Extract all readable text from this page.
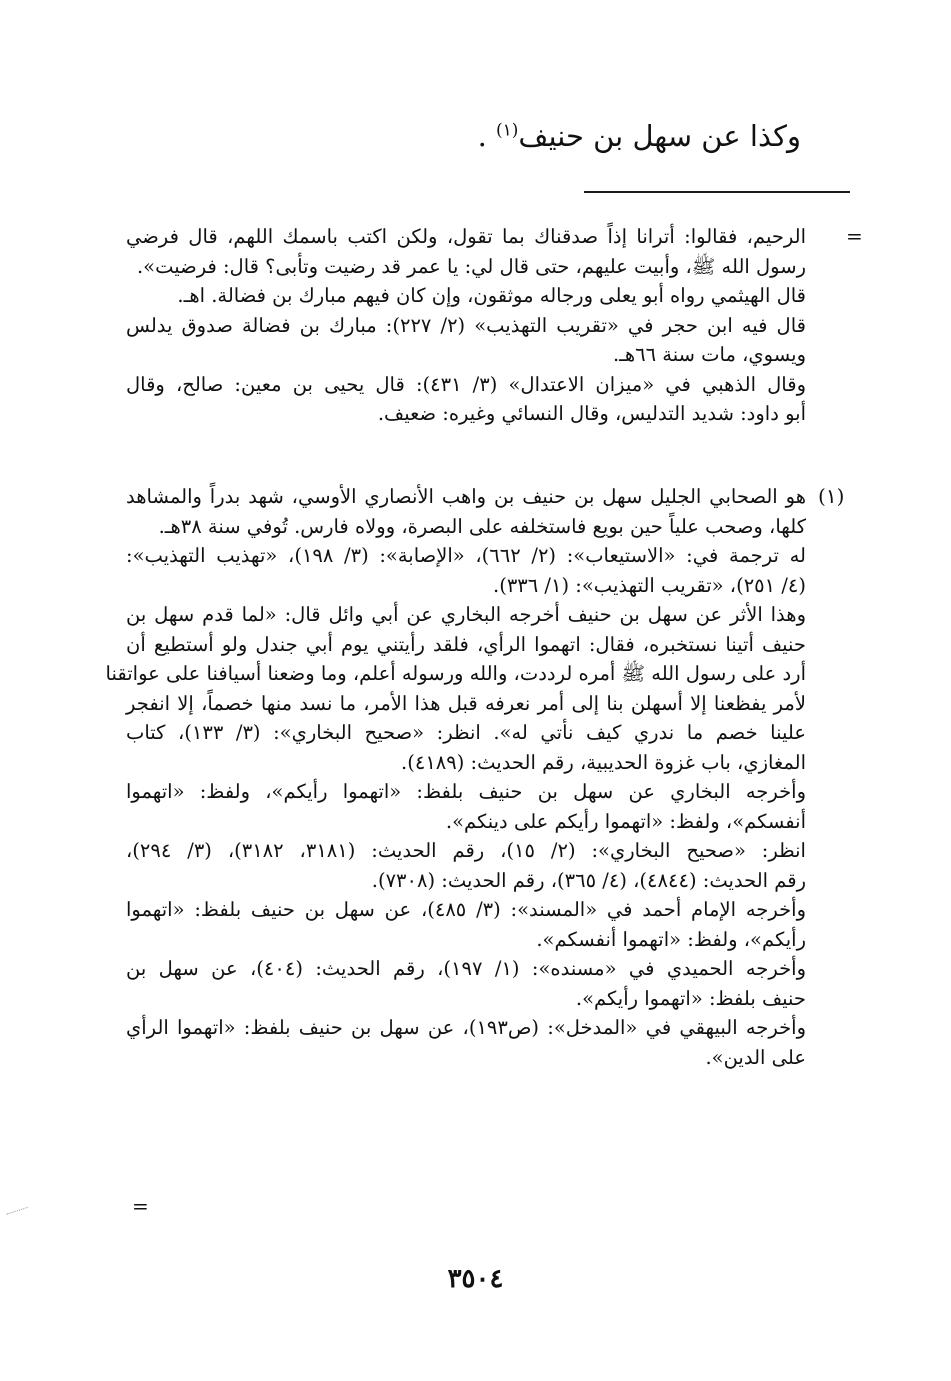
وكذا عن سهل بن حنيف$^{(١)}$ .
=
الرحيم، فقالوا: أترانا إذاً صدقناك بما تقول، ولكن اكتب باسمك اللهم، قال فرضي
رسول الله ﷺ، وأبيت عليهم، حتى قال لي: يا عمر قد رضيت وتأبى؟ قال: فرضيت».
قال الهيثمي رواه أبو يعلى ورجاله موثقون، وإن كان فيهم مبارك بن فضالة. اهـ.
قال فيه ابن حجر في «تقريب التهذيب» (٢/ ٢٢٧): مبارك بن فضالة صدوق يدلس
ويسوي، مات سنة ٦٦هـ.
وقال الذهبي في «ميزان الاعتدال» (٣/ ٤٣١): قال يحيى بن معين: صالح، وقال
أبو داود: شديد التدليس، وقال النسائي وغيره: ضعيف.
(١)
هو الصحابي الجليل سهل بن حنيف بن واهب الأنصاري الأوسي، شهد بدراً والمشاهد
كلها، وصحب علياً حين بويع فاستخلفه على البصرة، وولاه فارس. تُوفي سنة ٣٨هـ.
له ترجمة في: «الاستيعاب»: (٢/ ٦٦٢)، «الإصابة»: (٣/ ١٩٨)، «تهذيب التهذيب»:
(٤/ ٢٥١)، «تقريب التهذيب»: (١/ ٣٣٦).
وهذا الأثر عن سهل بن حنيف أخرجه البخاري عن أبي وائل قال: «لما قدم سهل بن
حنيف أتينا نستخبره، فقال: اتهموا الرأي، فلقد رأيتني يوم أبي جندل ولو أستطيع أن
أرد على رسول الله ﷺ أمره لرددت، والله ورسوله أعلم، وما وضعنا أسيافنا على عواتقنا
لأمر يفظعنا إلا أسهلن بنا إلى أمر نعرفه قبل هذا الأمر، ما نسد منها خصماً، إلا انفجر
علينا خصم ما ندري كيف نأتي له». انظر: «صحيح البخاري»: (٣/ ١٣٣)، كتاب
المغازي، باب غزوة الحديبية، رقم الحديث: (٤١٨٩).
وأخرجه البخاري عن سهل بن حنيف بلفظ: «اتهموا رأيكم»، ولفظ: «اتهموا
أنفسكم»، ولفظ: «اتهموا رأيكم على دينكم».
انظر: «صحيح البخاري»: (٢/ ١٥)، رقم الحديث: (٣١٨١، ٣١٨٢)، (٣/ ٢٩٤)،
رقم الحديث: (٤٨٤٤)، (٤/ ٣٦٥)، رقم الحديث: (٧٣٠٨).
وأخرجه الإمام أحمد في «المسند»: (٣/ ٤٨٥)، عن سهل بن حنيف بلفظ: «اتهموا
رأيكم»، ولفظ: «اتهموا أنفسكم».
وأخرجه الحميدي في «مسنده»: (١/ ١٩٧)، رقم الحديث: (٤٠٤)، عن سهل بن
حنيف بلفظ: «اتهموا رأيكم».
وأخرجه البيهقي في «المدخل»: (ص١٩٣)، عن سهل بن حنيف بلفظ: «اتهموا الرأي
على الدين».
=
٣٥٠٤
